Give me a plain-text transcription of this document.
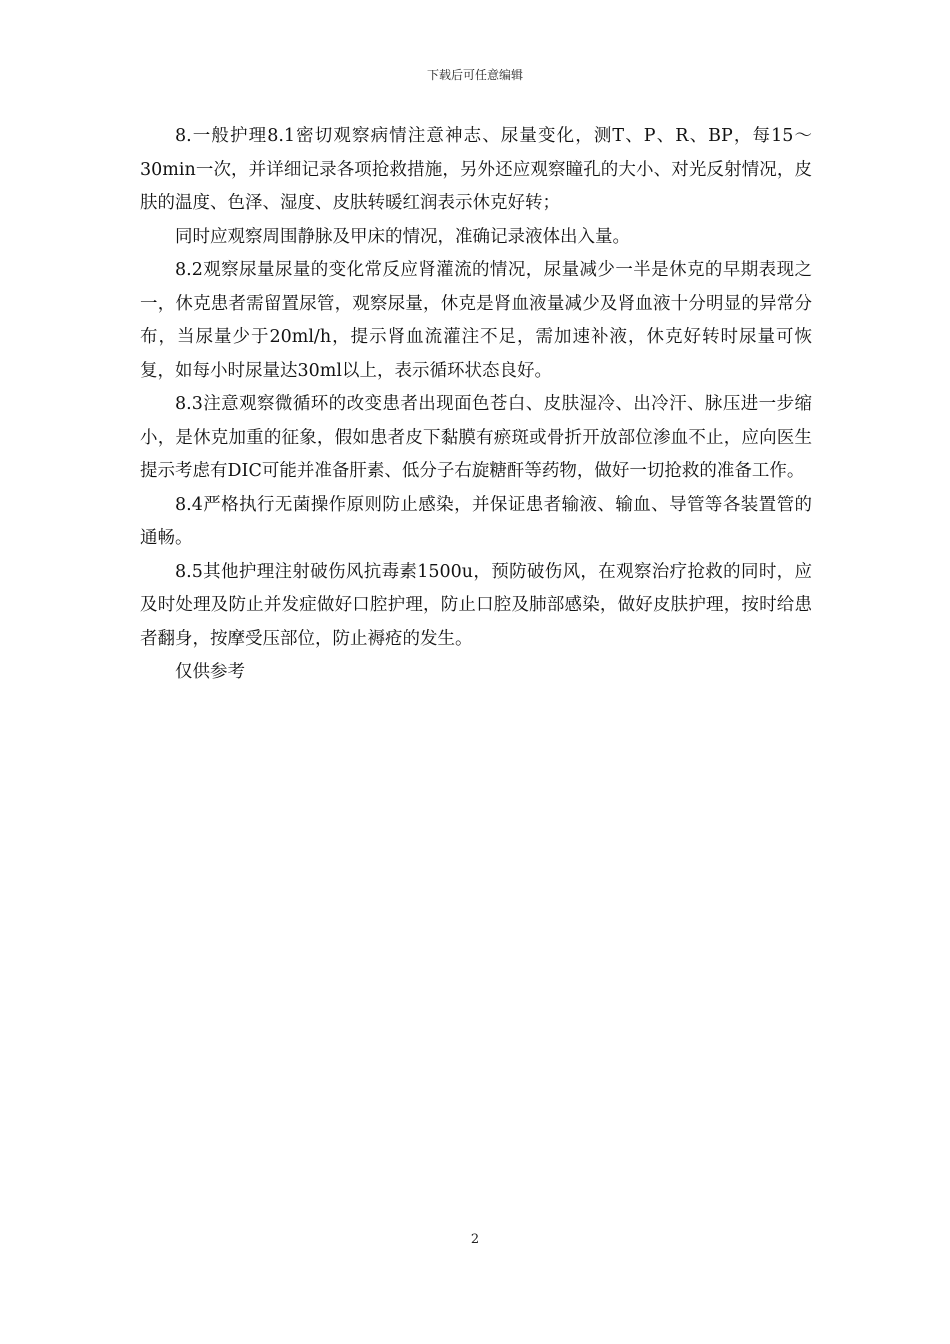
下载后可任意编辑

8.一般护理8.1密切观察病情注意神志、尿量变化，测T、P、R、BP，每15～30min一次，并详细记录各项抢救措施，另外还应观察瞳孔的大小、对光反射情况，皮肤的温度、色泽、湿度、皮肤转暖红润表示休克好转；

同时应观察周围静脉及甲床的情况，准确记录液体出入量。

8.2观察尿量尿量的变化常反应肾灌流的情况，尿量减少一半是休克的早期表现之一，休克患者需留置尿管，观察尿量，休克是肾血液量减少及肾血液十分明显的异常分布，当尿量少于20ml/h，提示肾血流灌注不足，需加速补液，休克好转时尿量可恢复，如每小时尿量达30ml以上，表示循环状态良好。

8.3注意观察微循环的改变患者出现面色苍白、皮肤湿冷、出冷汗、脉压进一步缩小，是休克加重的征象，假如患者皮下黏膜有瘀斑或骨折开放部位渗血不止，应向医生提示考虑有DIC可能并准备肝素、低分子右旋糖酐等药物，做好一切抢救的准备工作。

8.4严格执行无菌操作原则防止感染，并保证患者输液、输血、导管等各装置管的通畅。

8.5其他护理注射破伤风抗毒素1500u，预防破伤风，在观察治疗抢救的同时，应及时处理及防止并发症做好口腔护理，防止口腔及肺部感染，做好皮肤护理，按时给患者翻身，按摩受压部位，防止褥疮的发生。

仅供参考

2
